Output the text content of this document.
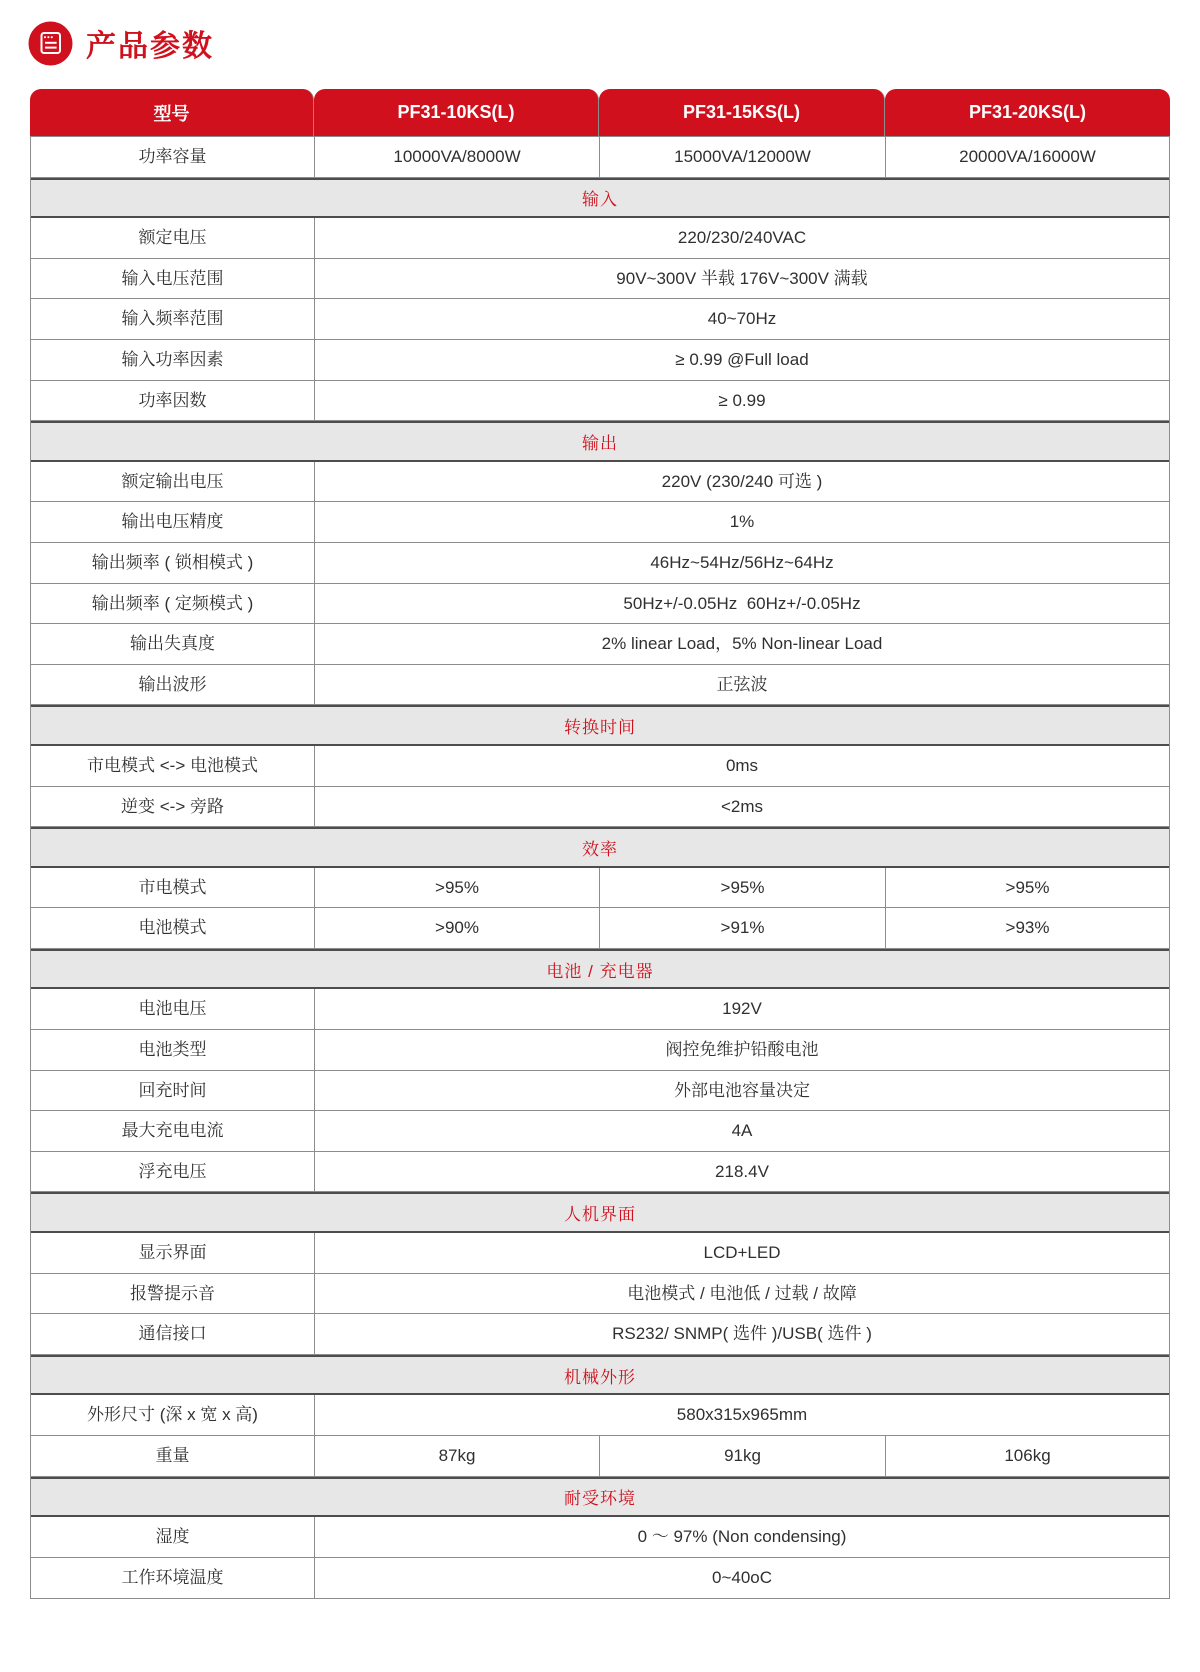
产品参数
型号	PF31-10KS(L)	PF31-15KS(L)	PF31-20KS(L)
功率容量	10000VA/8000W	15000VA/12000W	20000VA/16000W
输入
额定电压	220/230/240VAC
输入电压范围	90V~300V 半载 176V~300V 满载
输入频率范围	40~70Hz
输入功率因素	≥ 0.99 @Full load
功率因数	≥ 0.99
输出
额定输出电压	220V (230/240 可选 )
输出电压精度	1%
输出频率 ( 锁相模式 )	46Hz~54Hz/56Hz~64Hz
输出频率 ( 定频模式 )	50Hz+/-0.05Hz  60Hz+/-0.05Hz
输出失真度	2% linear Load，5% Non-linear Load
输出波形	正弦波
转换时间
市电模式 <-> 电池模式	0ms
逆变 <-> 旁路	<2ms
效率
市电模式	>95%	>95%	>95%
电池模式	>90%	>91%	>93%
电池 / 充电器
电池电压	192V
电池类型	阀控免维护铅酸电池
回充时间	外部电池容量决定
最大充电电流	4A
浮充电压	218.4V
人机界面
显示界面	LCD+LED
报警提示音	电池模式 / 电池低 / 过载 / 故障
通信接口	RS232/ SNMP( 选件 )/USB( 选件 )
机械外形
外形尺寸 (深 x 宽 x 高)	580x315x965mm
重量	87kg	91kg	106kg
耐受环境
湿度	0 ～ 97% (Non condensing)
工作环境温度	0~40oC
